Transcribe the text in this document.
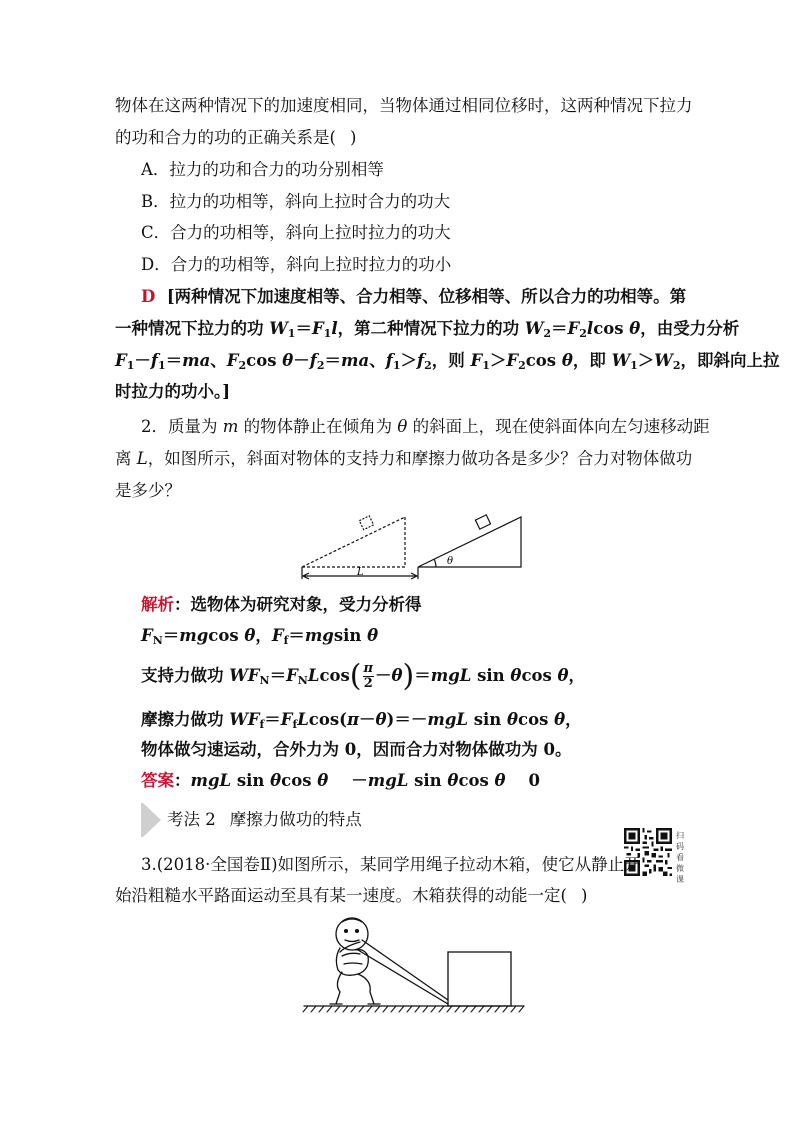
物体在这两种情况下的加速度相同，当物体通过相同位移时，这两种情况下拉力
的功和合力的功的正确关系是( )
A．拉力的功和合力的功分别相等
B．拉力的功相等，斜向上拉时合力的功大
C．合力的功相等，斜向上拉时拉力的功大
D．合力的功相等，斜向上拉时拉力的功小
D [两种情况下加速度相等、合力相等、位移相等、所以合力的功相等。第
一种情况下拉力的功 $W_1=F_1l$，第二种情况下拉力的功 $W_2=F_2lcos$ θ，由受力分析
$F_1-f_1=ma$、$F_2\cos$ $\theta-f_2=ma$、$f_1>f_2$，则 $F_1>F_2\cos$ θ，即 $W_1>W_2$，即斜向上拉
时拉力的功小。]
2．质量为 m 的物体静止在倾角为 θ 的斜面上，现在使斜面体向左匀速移动距
离 L，如图所示，斜面对物体的支持力和摩擦力做功各是多少？合力对物体做功
是多少？
θ
L
解析：选物体为研究对象，受力分析得
$F_N=mgcos$ θ，$F_f=mgsin$ θ
支持力做功 $WF_N=F_NLcos( \frac{\pi}{2} -\theta)=mgL$ sin θcos θ，
摩擦力做功 $WF_f=F_fLcos(\pi-\theta)=-mgL$ sin θcos θ，
物体做匀速运动，合外力为 0，因而合力对物体做功为 0。
答案：mgL sin θcos θ    －mgL sin θcos θ    0
考法 2 摩擦力做功的特点
扫码看微课
3.(2018·全国卷Ⅱ)如图所示，某同学用绳子拉动木箱，使它从静止开
始沿粗糙水平路面运动至具有某一速度。木箱获得的动能一定( )
